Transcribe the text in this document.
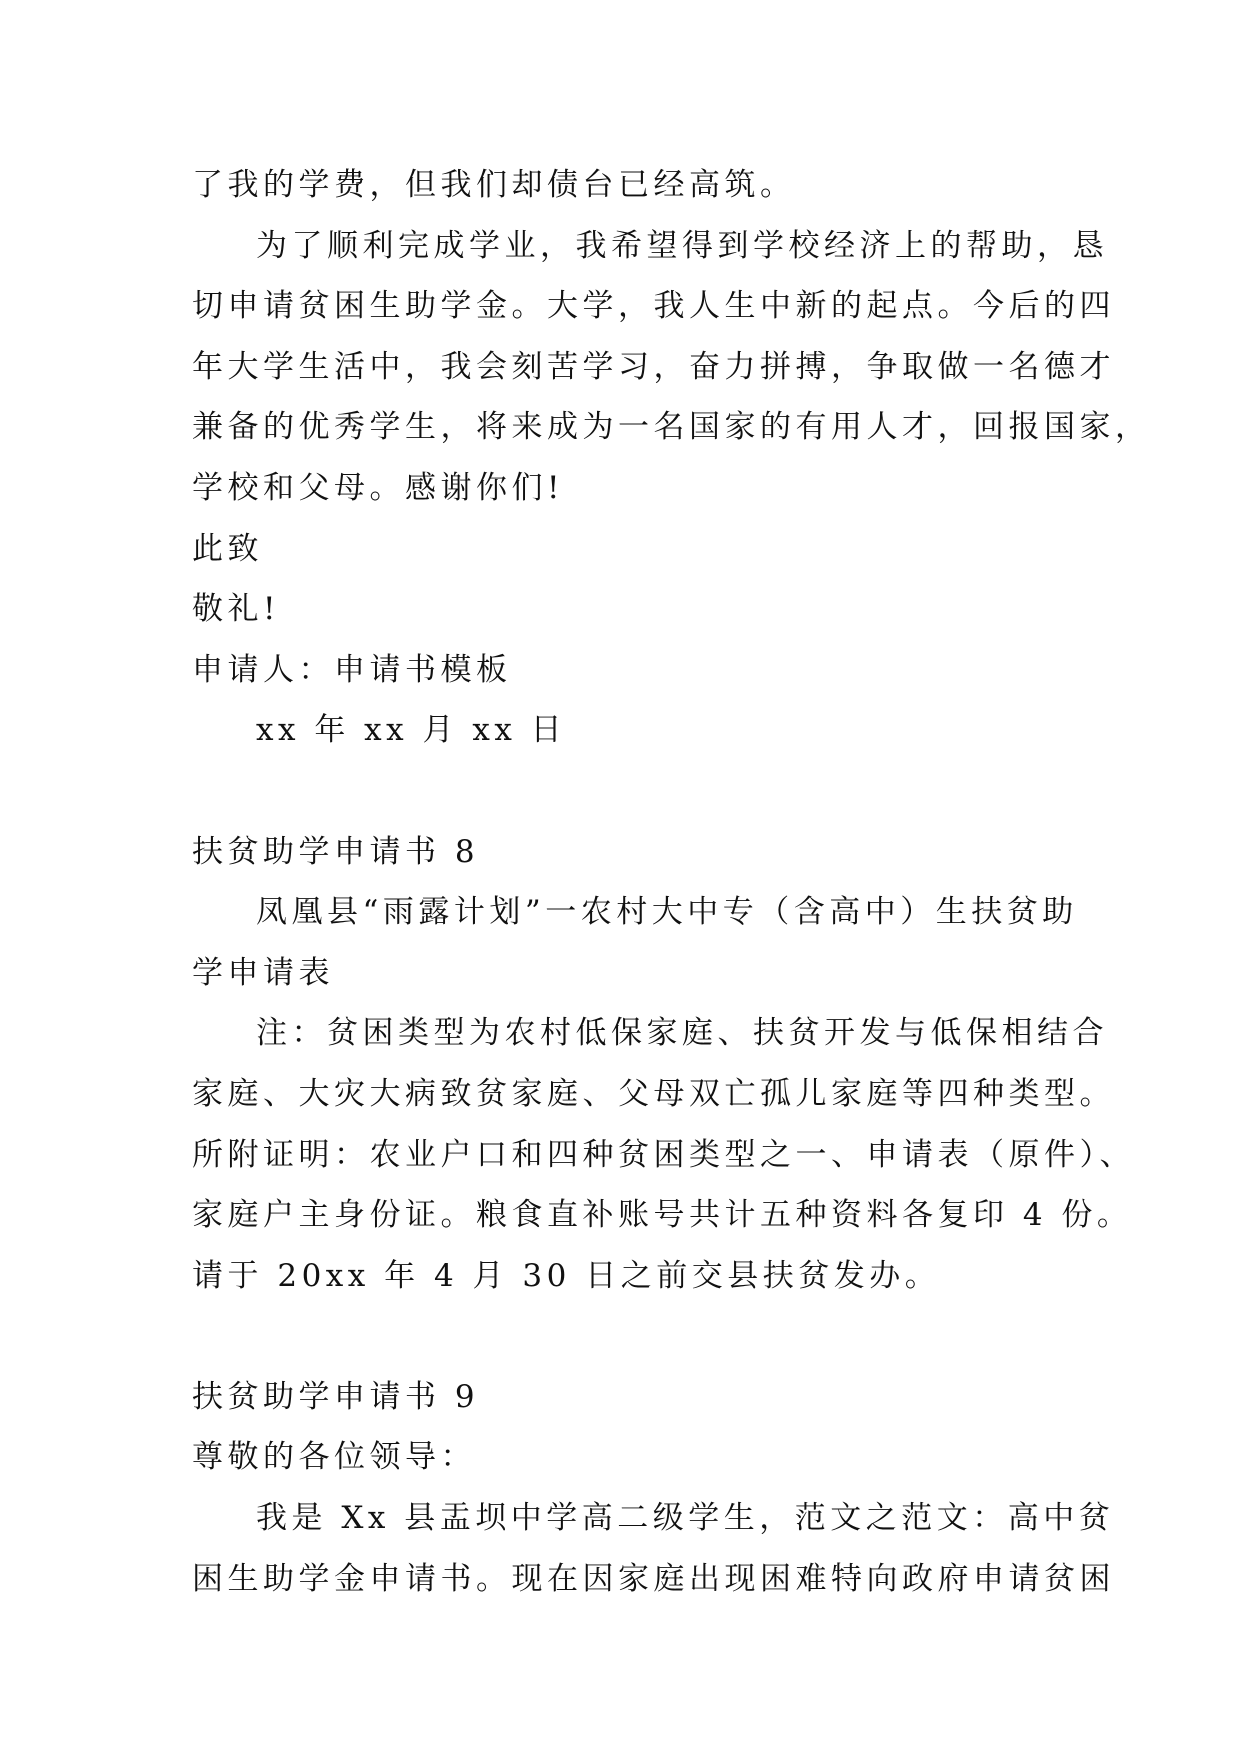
了我的学费，但我们却债台已经高筑。
为了顺利完成学业，我希望得到学校经济上的帮助，恳
切申请贫困生助学金。大学，我人生中新的起点。今后的四
年大学生活中，我会刻苦学习，奋力拼搏，争取做一名德才
兼备的优秀学生，将来成为一名国家的有用人才，回报国家，
学校和父母。感谢你们!
此致
敬礼!
申请人：申请书模板
xx 年 xx 月 xx 日
扶贫助学申请书 8
凤凰县“雨露计划”一农村大中专（含高中）生扶贫助
学申请表
注：贫困类型为农村低保家庭、扶贫开发与低保相结合
家庭、大灾大病致贫家庭、父母双亡孤儿家庭等四种类型。
所附证明：农业户口和四种贫困类型之一、申请表（原件）、
家庭户主身份证。粮食直补账号共计五种资料各复印 4 份。
请于 20xx 年 4 月 30 日之前交县扶贫发办。
扶贫助学申请书 9
尊敬的各位领导：
我是 Xx 县盂坝中学高二级学生，范文之范文：高中贫
困生助学金申请书。现在因家庭出现困难特向政府申请贫困
